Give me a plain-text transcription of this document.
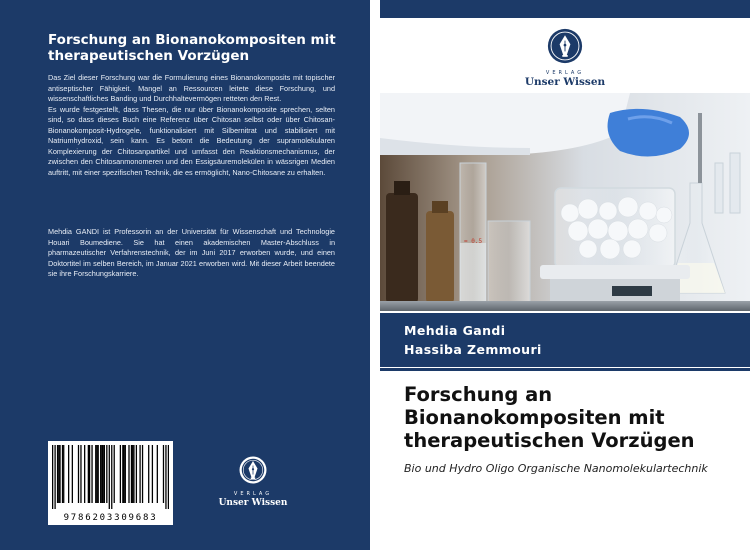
Forschung an Bionanokompositen mit therapeutischen Vorzügen

Das Ziel dieser Forschung war die Formulierung eines Bionanokomposits mit topischer antiseptischer Fähigkeit. Mangel an Ressourcen leitete diese Forschung, und wissenschaftliches Banding und Durchhaltevermögen retteten den Rest.

Es wurde festgestellt, dass Thesen, die nur über Bionanokomposite sprechen, selten sind, so dass dieses Buch eine Referenz über Chitosan selbst oder über Chitosan-Bionanokomposit-Hydrogele, funktionalisiert mit Silbernitrat und stabilisiert mit Natriumhydroxid, sein kann. Es betont die Bedeutung der supramolekularen Komplexierung der Chitosanpartikel und umfasst den Reaktionsmechanismus, der zwischen den Chitosanmonomeren und den Essigsäuremolekülen in wässrigen Medien auftritt, mit einer spezifischen Technik, die es ermöglicht, Nano-Chitosane zu erhalten.

Mehdia GANDI ist Professorin an der Universität für Wissenschaft und Technologie Houari Boumediene. Sie hat einen akademischen Master-Abschluss in pharmazeutischer Verfahrenstechnik, der im Juni 2017 erworben wurde, und einen Doktortitel im selben Bereich, im Januar 2021 erworben wird. Mit dieser Arbeit beendete sie ihre Forschungskarriere.

9786203309683
VERLAG
Unser Wissen
VERLAG
Unser Wissen
= 0.5
Mehdia Gandi
Hassiba Zemmouri
Forschung an Bionanokompositen mit therapeutischen Vorzügen
Bio und Hydro Oligo Organische Nanomolekulartechnik
